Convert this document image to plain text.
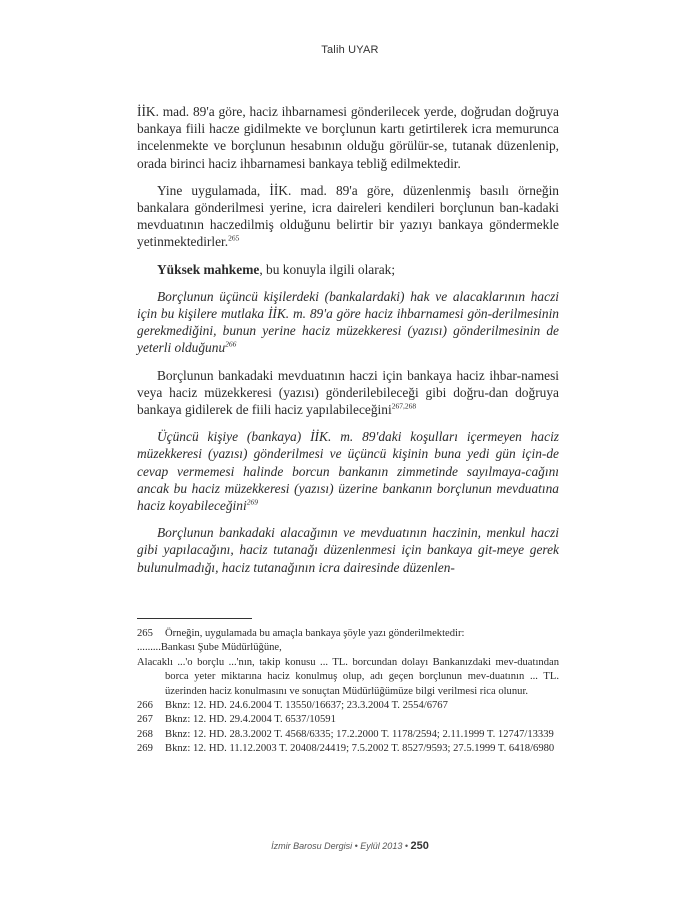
Talih UYAR

İİK. mad. 89'a göre, haciz ihbarnamesi gönderilecek yerde, doğrudan doğruya bankaya fiili hacze gidilmekte ve borçlunun kartı getirtilerek icra memurunca incelenmekte ve borçlunun hesabının olduğu görülür-se, tutanak düzenlenip, orada birinci haciz ihbarnamesi bankaya tebliğ edilmektedir.

Yine uygulamada, İİK. mad. 89'a göre, düzenlenmiş basılı örneğin bankalara gönderilmesi yerine, icra daireleri kendileri borçlunun ban-kadaki mevduatının haczedilmiş olduğunu belirtir bir yazıyı bankaya göndermekle yetinmektedirler.$^{265}$

Yüksek mahkeme, bu konuyla ilgili olarak;

Borçlunun üçüncü kişilerdeki (bankalardaki) hak ve alacaklarının haczi için bu kişilere mutlaka İİK. m. 89'a göre haciz ihbarnamesi gön-derilmesinin gerekmediğini, bunun yerine haciz müzekkeresi (yazısı) gönderilmesinin de yeterli olduğunu$^{266}$

Borçlunun bankadaki mevduatının haczi için bankaya haciz ihbar-namesi veya haciz müzekkeresi (yazısı) gönderilebileceği gibi doğru-dan doğruya bankaya gidilerek de fiili haciz yapılabileceğini$^{267,268}$

Üçüncü kişiye (bankaya) İİK. m. 89'daki koşulları içermeyen haciz müzekkeresi (yazısı) gönderilmesi ve üçüncü kişinin buna yedi gün için-de cevap vermemesi halinde borcun bankanın zimmetinde sayılmaya-cağını ancak bu haciz müzekkeresi (yazısı) üzerine bankanın borçlunun mevduatına haciz koyabileceğini$^{269}$

Borçlunun bankadaki alacağının ve mevduatının haczinin, menkul haczi gibi yapılacağını, haciz tutanağı düzenlenmesi için bankaya git-meye gerek bulunulmadığı, haciz tutanağının icra dairesinde düzenlen-

265	Örneğin, uygulamada bu amaçla bankaya şöyle yazı gönderilmektedir:

.........Bankası Şube Müdürlüğüne,

Alacaklı ...'o borçlu ...'nın, takip konusu ... TL. borcundan dolayı Bankanızdaki mev-duatından borca yeter miktarına haciz konulmuş olup, adı geçen borçlunun mev-duatının ... TL. üzerinden haciz konulmasını ve sonuçtan Müdürlüğümüze bilgi verilmesi rica olunur.

266	Bknz: 12. HD. 24.6.2004 T. 13550/16637; 23.3.2004 T. 2554/6767
267	Bknz: 12. HD. 29.4.2004 T. 6537/10591
268	Bknz: 12. HD. 28.3.2002 T. 4568/6335; 17.2.2000 T. 1178/2594; 2.11.1999 T. 12747/13339
269	Bknz: 12. HD. 11.12.2003 T. 20408/24419; 7.5.2002 T. 8527/9593; 27.5.1999 T. 6418/6980
İzmir Barosu Dergisi • Eylül 2013 • 250
